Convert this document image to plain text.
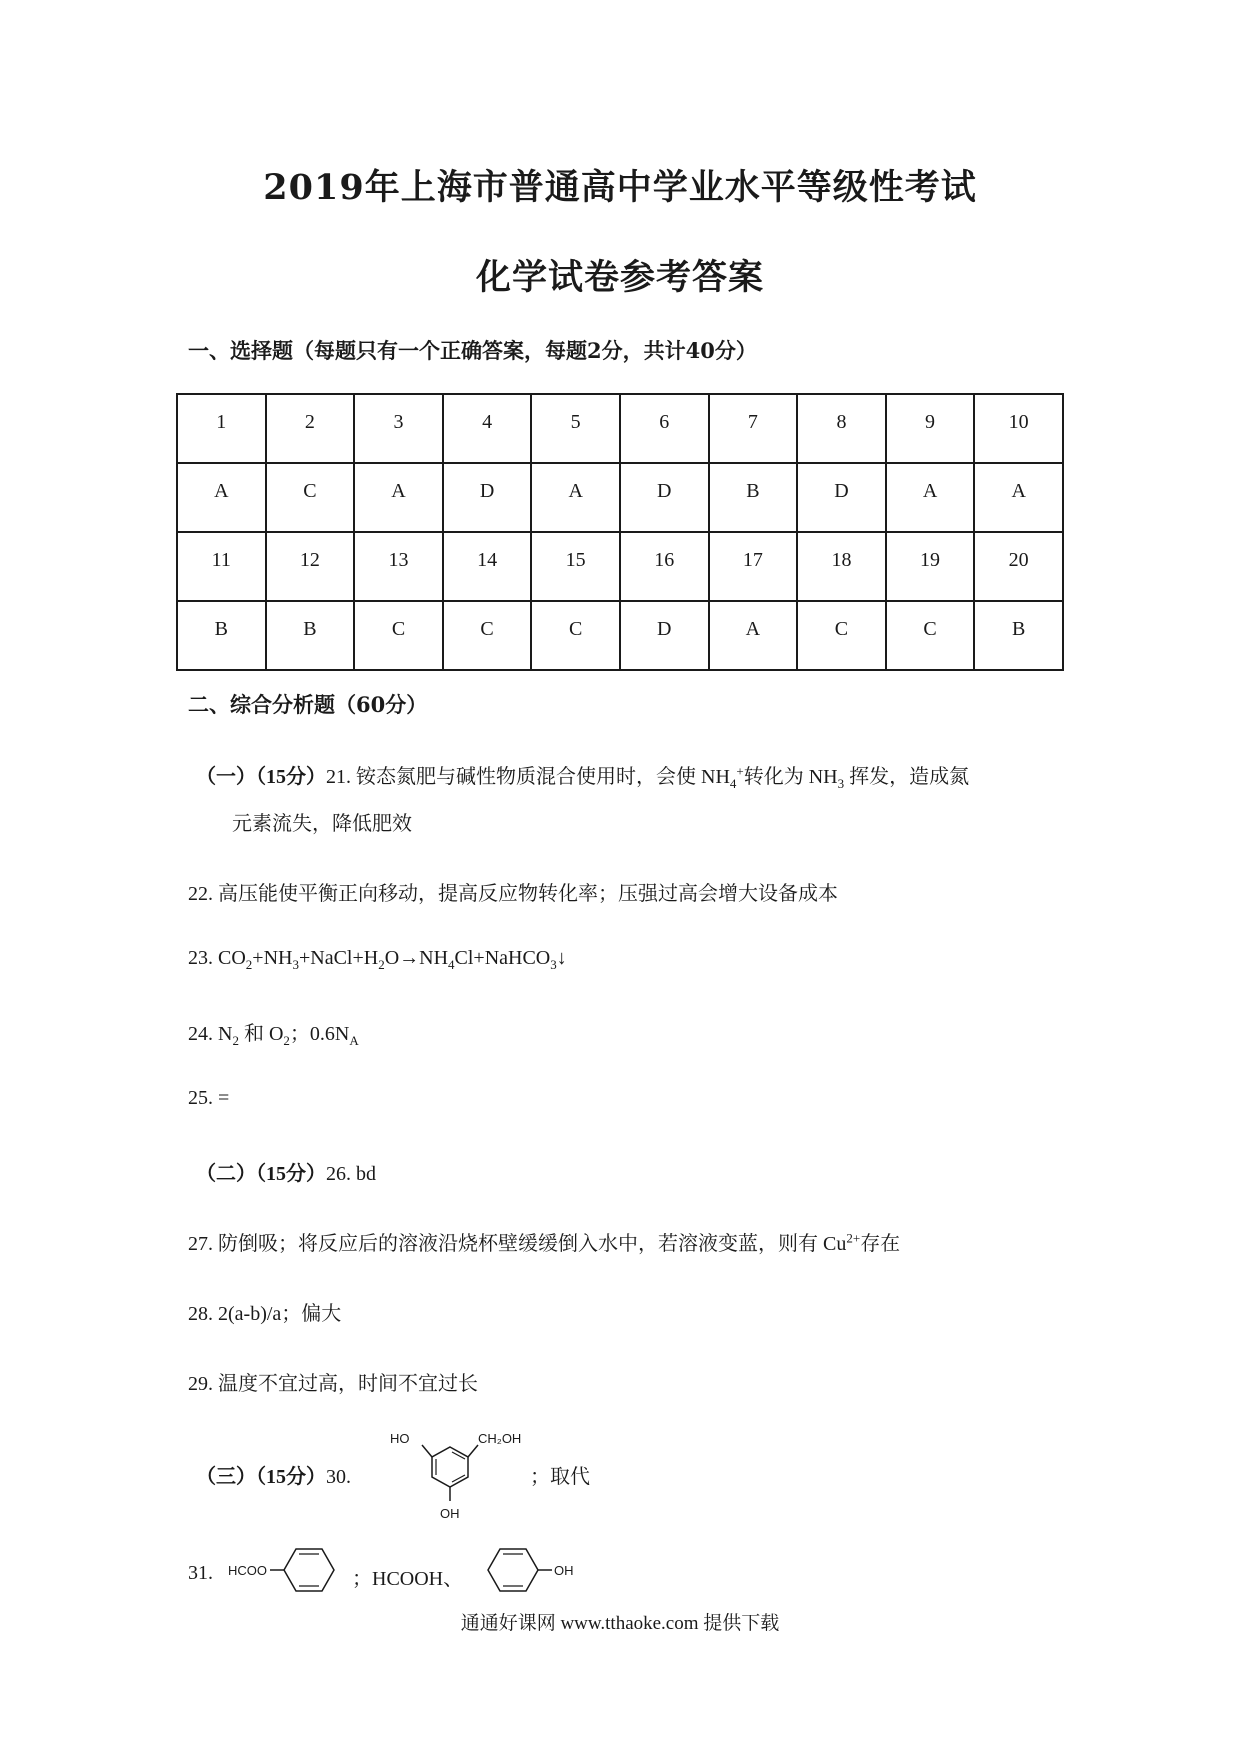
2019年上海市普通高中学业水平等级性考试
化学试卷参考答案
一、选择题（每题只有一个正确答案，每题2分，共计40分）
1	2	3	4	5	6	7	8	9	10
A	C	A	D	A	D	B	D	A	A
11	12	13	14	15	16	17	18	19	20
B	B	C	C	C	D	A	C	C	B
二、综合分析题（60分）
（一）（15分）21. 铵态氮肥与碱性物质混合使用时，会使 $NH_4^+$转化为 $NH_3$ 挥发，造成氮
元素流失，降低肥效
22. 高压能使平衡正向移动，提高反应物转化率；压强过高会增大设备成本
23. $CO_2+NH_3+NaCl+H_2O\to NH_4Cl+NaHCO_3↓$
24. $N_2$ 和 $O_2$；$0.6N_A$
25. =
（二）（15分）26. bd
27. 防倒吸；将反应后的溶液沿烧杯壁缓缓倒入水中，若溶液变蓝，则有 $Cu^{2+}$存在
28. 2(a-b)/a；偏大
29. 温度不宜过高，时间不宜过长
（三）（15分）30.
HO	CH₂OH
OH
；取代
31. HCOO	；HCOOH、	OH
通通好课网 www.tthaoke.com 提供下载
